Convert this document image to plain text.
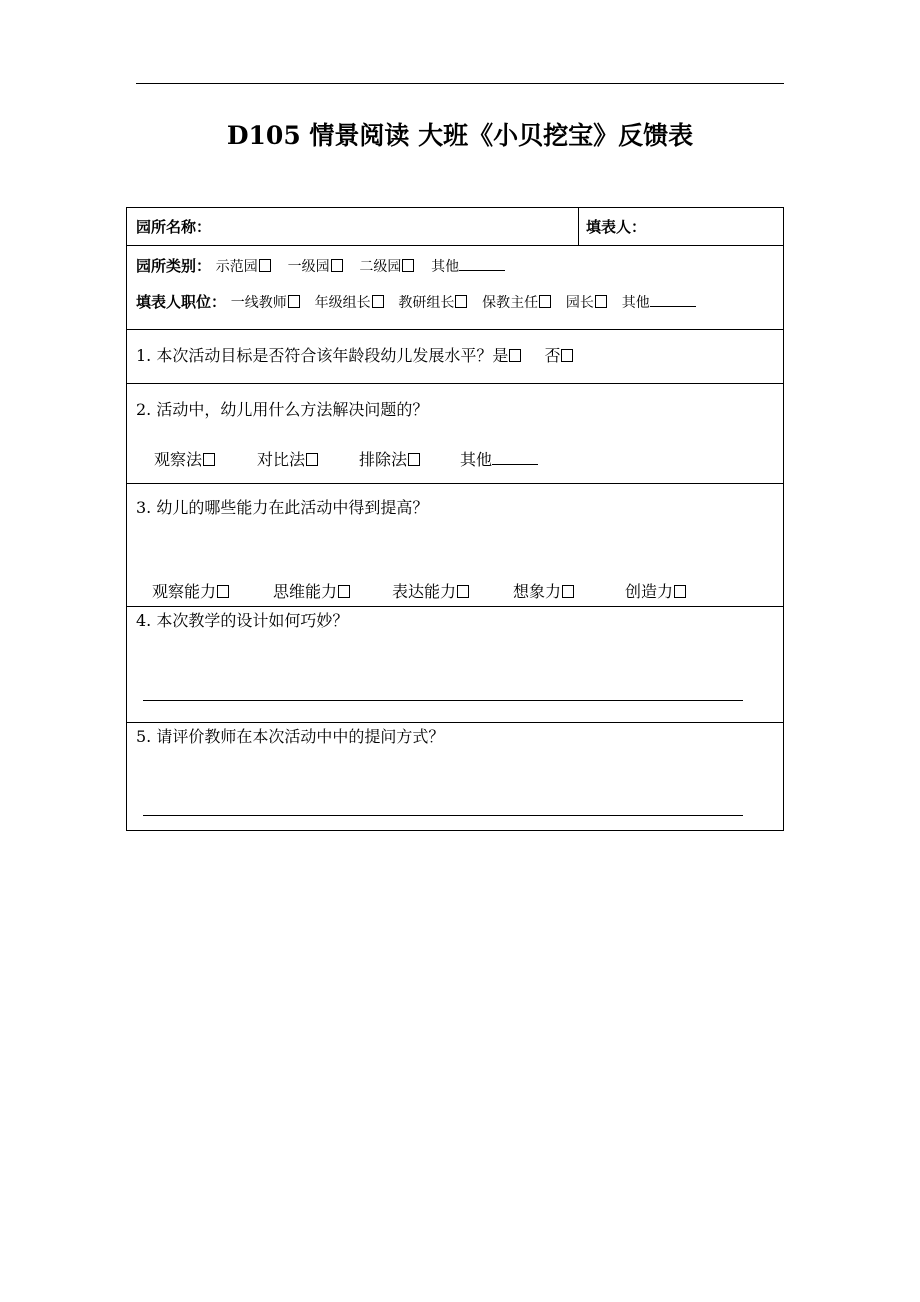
D105 情景阅读 大班《小贝挖宝》反馈表
园所名称：	填表人：
园所类别： 示范园 一级园 二级园 其他
填表人职位： 一线教师 年级组长 教研组长 保教主任 园长 其他
1. 本次活动目标是否符合该年龄段幼儿发展水平？是 否
2. 活动中，幼儿用什么方法解决问题的？
观察法	对比法	排除法	其他
3. 幼儿的哪些能力在此活动中得到提高？
观察能力	思维能力	表达能力	想象力	创造力
4. 本次教学的设计如何巧妙？
5. 请评价教师在本次活动中中的提问方式？
